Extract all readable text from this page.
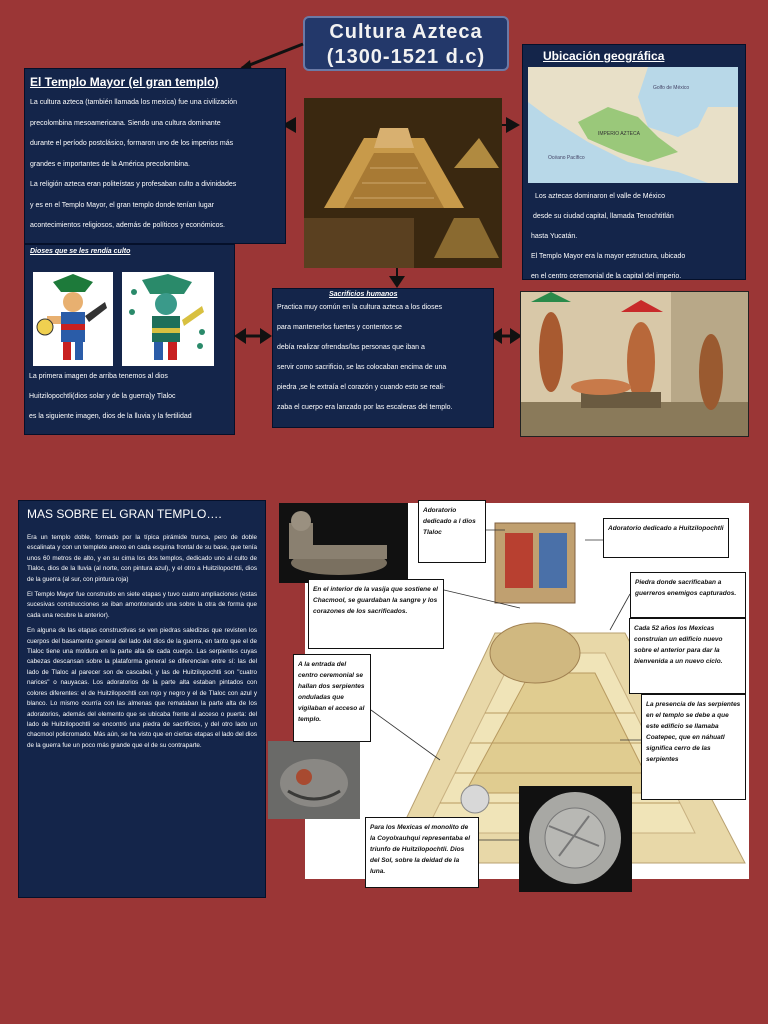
Cultura Azteca
(1300-1521 d.c)
El Templo Mayor (el gran templo)
La cultura azteca (también llamada los mexica) fue una civilización
precolombina mesoamericana. Siendo una cultura dominante
durante el período postclásico, formaron uno de los imperios más
grandes e importantes de la América precolombina.
La religión azteca eran politeístas y profesaban culto a divinidades
y es en el Templo Mayor, el gran templo donde tenían lugar
acontecimientos religiosos, además de políticos y económicos.
Dioses que se les rendía culto
La primera imagen de arriba tenemos al dios
Huitzilopochtli(dios solar y de la guerra)y Tlaloc
es la siguiente imagen, dios de la lluvia y la fertilidad
Ubicación geográfica
Golfo de México
IMPERIO AZTECA
Océano Pacífico
Los aztecas dominaron el valle de México
desde su ciudad capital, llamada Tenochtitlán
hasta Yucatán.
El Templo Mayor era la mayor estructura, ubicado
en el centro ceremonial de la capital del imperio.
Sacrificios humanos
Practica muy común en la cultura azteca a los dioses
para mantenerlos fuertes y contentos se
debía realizar ofrendas/las personas que iban a
servir como sacrificio, se las colocaban encima de una
piedra ,se le extraía el corazón y cuando esto se reali-
zaba el cuerpo era lanzado por las escaleras del templo.
MAS SOBRE EL GRAN TEMPLO….

Era un templo doble, formado por la típica pirámide trunca, pero de doble escalinata y con un templete anexo en cada esquina frontal de su base, que tenía unos 60 metros de alto, y en su cima los dos templos, dedicado uno al culto de Tlaloc, dios de la lluvia (al norte, con pintura azul), y el otro a Huitzilopochtli, dios de la guerra (al sur, con pintura roja)

El Templo Mayor fue construido en siete etapas y tuvo cuatro ampliaciones (estas sucesivas construcciones se iban amontonando una sobre la otra de forma que cada una recubre la anterior).

En alguna de las etapas constructivas se ven piedras saledizas que revisten los cuerpos del basamento general del lado del dios de la guerra, en tanto que el de Tlaloc tiene una moldura en la parte alta de cada cuerpo. Las serpientes cuyas cabezas descansan sobre la plataforma general se diferencian entre sí: las del lado de Tlaloc al parecer son de cascabel, y las de Huitzilopochtli son "cuatro narices" o nauyacas. Los adoratorios de la parte alta estaban pintados con colores diferentes: el de Huitzilopochtli con rojo y negro y el de Tlaloc con azul y blanco. Lo mismo ocurría con las almenas que remataban la parte alta de los adoratorios, además del elemento que se ubicaba frente al acceso o puerta: del lado de Huitzilopochtli se encontró una piedra de sacrificios, y del otro lado un chacmool policromado. Más aún, se ha visto que en ciertas etapas el lado del dios de la guerra fue un poco más grande que el de su contraparte.

Adoratorio dedicado a l dios Tlaloc
Adoratorio dedicado a Huitzilopochtli
En el interior de la vasija que sostiene el Chacmool, se guardaban la sangre y los corazones de los sacrificados.
Piedra donde sacrificaban a guerreros enemigos capturados.
Cada 52 años los Mexicas construían un edificio nuevo sobre el anterior para dar la bienvenida a un nuevo ciclo.
A la entrada del centro ceremonial se hallan dos serpientes onduladas que vigilaban el acceso al templo.
La presencia de las serpientes en el templo se debe a que este edificio se llamaba Coatepec, que en náhuatl significa cerro de las serpientes
Para los Mexicas el monolito de la Coyolxauhqui representaba el triunfo de Huitzilopochtli. Dios del Sol, sobre la deidad de la luna.
